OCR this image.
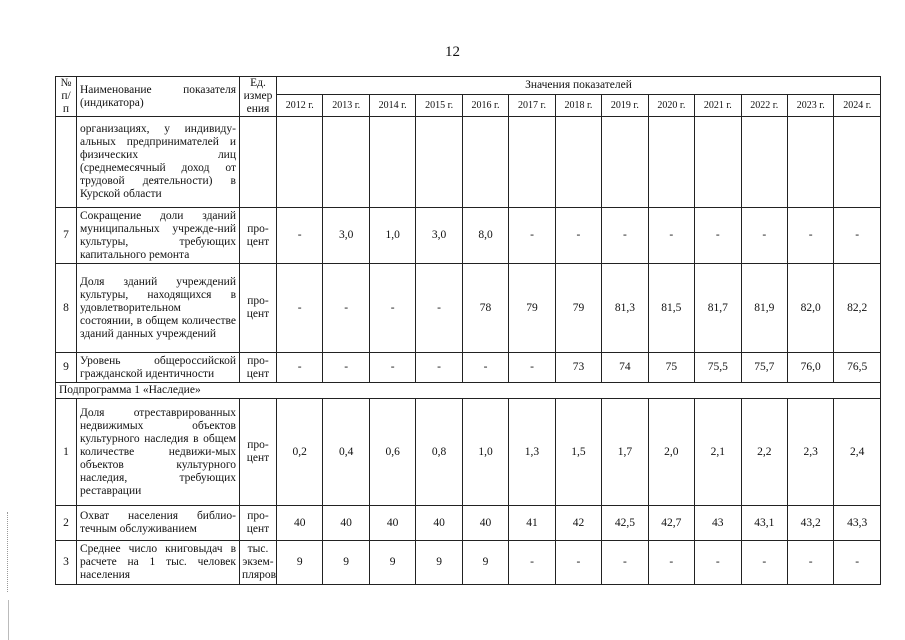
12
№ п/ п	Наименование показателя (индикатора)	Ед. измер ения	Значения показателей												
			2012 г.	2013 г.	2014 г.	2015 г.	2016 г.	2017 г.	2018 г.	2019 г.	2020 г.	2021 г.	2022 г.	2023 г.	2024 г.
	организациях, у индивиду-альных предпринимателей и физических лиц (среднемесячный доход от трудовой деятельности) в Курской области														
7	Сокращение доли зданий муниципальных учрежде-ний культуры, требующих капитального ремонта	про-цент	-	3,0	1,0	3,0	8,0	-	-	-	-	-	-	-	-
8	Доля зданий учреждений культуры, находящихся в удовлетворительном состоянии, в общем количестве зданий данных учреждений	про-цент	-	-	-	-	78	79	79	81,3	81,5	81,7	81,9	82,0	82,2
9	Уровень общероссийской гражданской идентичности	про-цент	-	-	-	-	-	-	73	74	75	75,5	75,7	76,0	76,5
Подпрограмма 1 «Наследие»															
1	Доля отреставрированных недвижимых объектов культурного наследия в общем количестве недвижи-мых объектов культурного наследия, требующих реставрации	про-цент	0,2	0,4	0,6	0,8	1,0	1,3	1,5	1,7	2,0	2,1	2,2	2,3	2,4
2	Охват населения библио-течным обслуживанием	про-цент	40	40	40	40	40	41	42	42,5	42,7	43	43,1	43,2	43,3
3	Среднее число книговыдач в расчете на 1 тыс. человек населения	тыс. экзем-пляров	9	9	9	9	9	-	-	-	-	-	-	-	-
